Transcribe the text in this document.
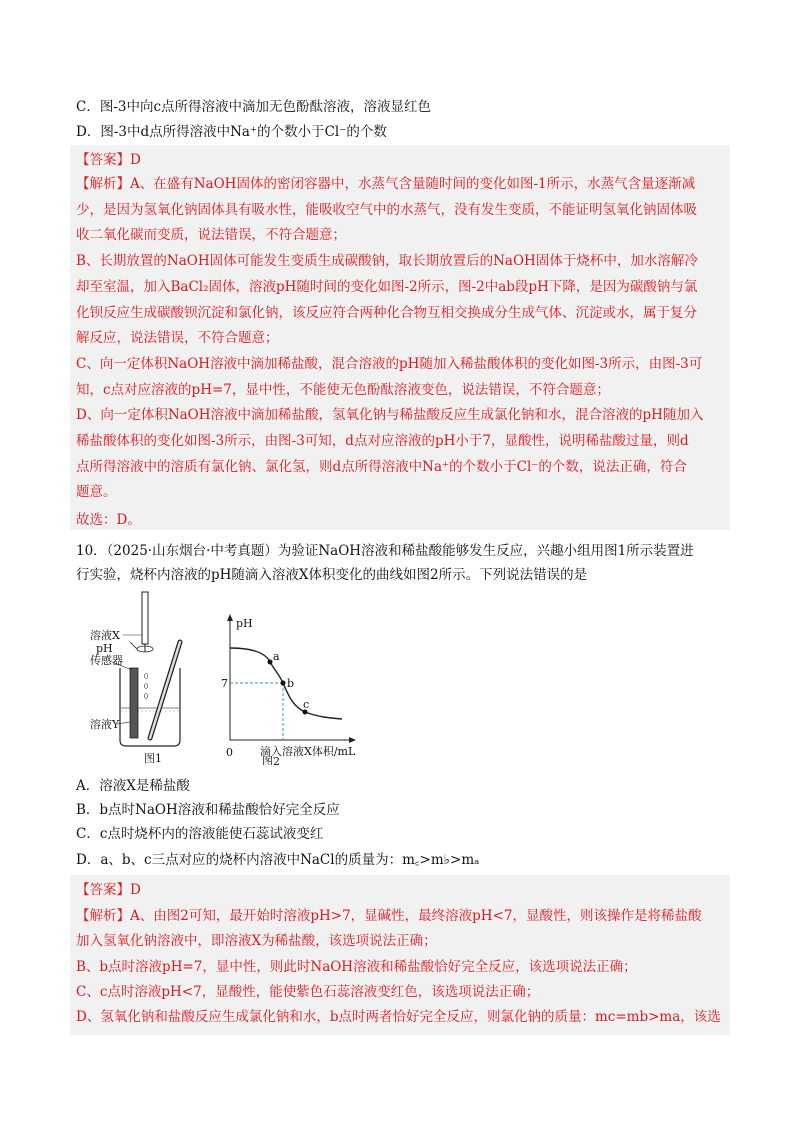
C．图-3中向c点所得溶液中滴加无色酚酞溶液，溶液显红色
D．图-3中d点所得溶液中Na⁺的个数小于Cl⁻的个数
【答案】D
【解析】A、在盛有NaOH固体的密闭容器中，水蒸气含量随时间的变化如图-1所示，水蒸气含量逐渐减
少，是因为氢氧化钠固体具有吸水性，能吸收空气中的水蒸气，没有发生变质，不能证明氢氧化钠固体吸
收二氧化碳而变质，说法错误，不符合题意；
B、长期放置的NaOH固体可能发生变质生成碳酸钠，取长期放置后的NaOH固体于烧杯中，加水溶解冷
却至室温，加入BaCl₂固体，溶液pH随时间的变化如图-2所示，图-2中ab段pH下降，是因为碳酸钠与氯
化钡反应生成碳酸钡沉淀和氯化钠，该反应符合两种化合物互相交换成分生成气体、沉淀或水，属于复分
解反应，说法错误，不符合题意；
C、向一定体积NaOH溶液中滴加稀盐酸，混合溶液的pH随加入稀盐酸体积的变化如图-3所示，由图-3可
知，c点对应溶液的pH=7，显中性，不能使无色酚酞溶液变色，说法错误，不符合题意；
D、向一定体积NaOH溶液中滴加稀盐酸，氢氧化钠与稀盐酸反应生成氯化钠和水，混合溶液的pH随加入
稀盐酸体积的变化如图-3所示，由图-3可知，d点对应溶液的pH小于7，显酸性，说明稀盐酸过量，则d
点所得溶液中的溶质有氯化钠、氯化氢，则d点所得溶液中Na⁺的个数小于Cl⁻的个数，说法正确，符合
题意。
故选：D。
10．（2025·山东烟台·中考真题）为验证NaOH溶液和稀盐酸能够发生反应，兴趣小组用图1所示装置进
行实验，烧杯内溶液的pH随滴入溶液X体积变化的曲线如图2所示。下列说法错误的是
溶液X
pH
传感器
溶液Y
图1
pH
7
0
a
b
c
滴入溶液X体积/mL
图2
A．溶液X是稀盐酸
B．b点时NaOH溶液和稀盐酸恰好完全反应
C．c点时烧杯内的溶液能使石蕊试液变红
D．a、b、c三点对应的烧杯内溶液中NaCl的质量为：m꜀>m♭>mₐ
【答案】D
【解析】A、由图2可知，最开始时溶液pH>7，显碱性，最终溶液pH<7，显酸性，则该操作是将稀盐酸
加入氢氧化钠溶液中，即溶液X为稀盐酸，该选项说法正确；
B、b点时溶液pH=7，显中性，则此时NaOH溶液和稀盐酸恰好完全反应，该选项说法正确；
C、c点时溶液pH<7，显酸性，能使紫色石蕊溶液变红色，该选项说法正确；
D、氢氧化钠和盐酸反应生成氯化钠和水，b点时两者恰好完全反应，则氯化钠的质量：mc=mb>ma，该选
